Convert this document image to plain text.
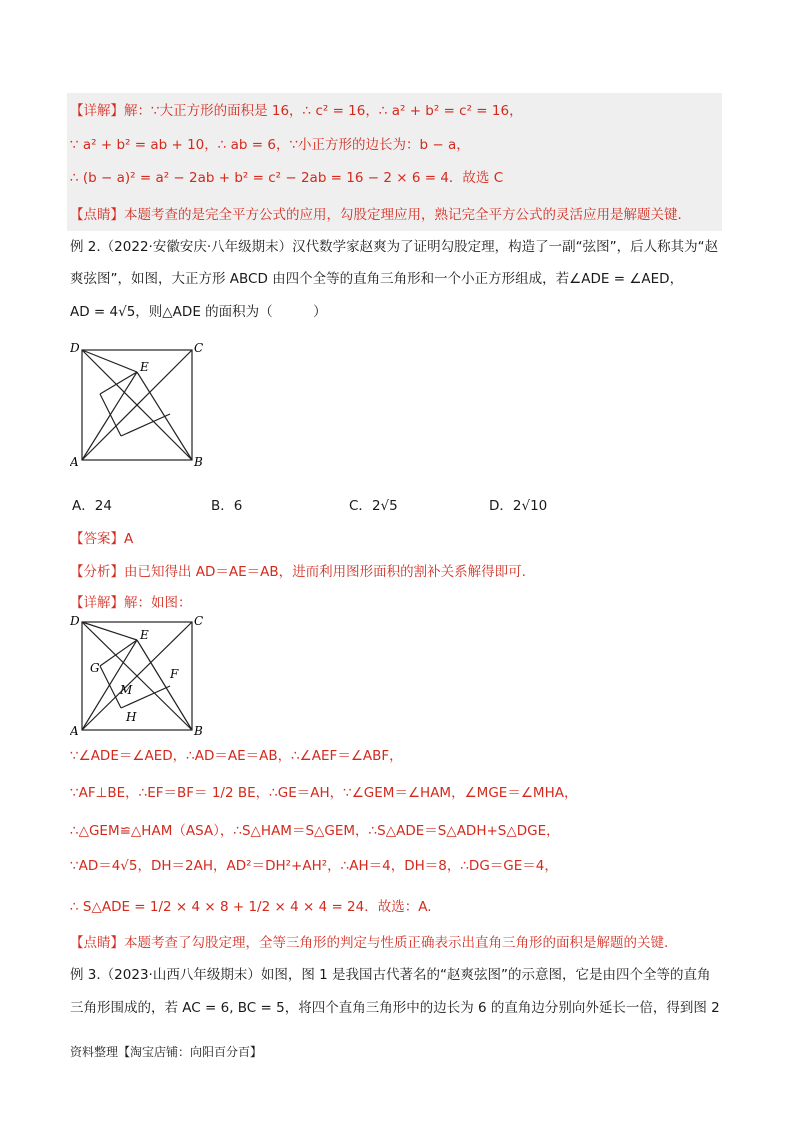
【详解】解：∵大正方形的面积是 16，∴ c² = 16，∴ a² + b² = c² = 16，
∵ a² + b² = ab + 10，∴ ab = 6，∵小正方形的边长为：b − a，
∴ (b − a)² = a² − 2ab + b² = c² − 2ab = 16 − 2 × 6 = 4．故选 C
【点睛】本题考查的是完全平方公式的应用，勾股定理应用，熟记完全平方公式的灵活应用是解题关键．
例 2.（2022·安徽安庆·八年级期末）汉代数学家赵爽为了证明勾股定理，构造了一副“弦图”，后人称其为“赵
爽弦图”，如图，大正方形 ABCD 由四个全等的直角三角形和一个小正方形组成，若∠ADE = ∠AED，
AD = 4√5，则△ADE 的面积为（　　　）
D	C
E
A	B
A．24	B．6	C．2√5	D．2√10
【答案】A
【分析】由已知得出 AD＝AE＝AB，进而利用图形面积的割补关系解得即可.
【详解】解：如图：
D	C
E
G	F
M
H
A	B
∵∠ADE＝∠AED，∴AD＝AE＝AB，∴∠AEF＝∠ABF，
∵AF⊥BE，∴EF＝BF＝ 1/2 BE，∴GE＝AH，∵∠GEM＝∠HAM，∠MGE＝∠MHA，
∴△GEM≌△HAM（ASA），∴S△HAM＝S△GEM，∴S△ADE＝S△ADH+S△DGE，
∵AD＝4√5，DH＝2AH，AD²＝DH²+AH²，∴AH＝4，DH＝8，∴DG＝GE＝4，
∴ S△ADE = 1/2 × 4 × 8 + 1/2 × 4 × 4 = 24．故选：A.
【点睛】本题考查了勾股定理，全等三角形的判定与性质正确表示出直角三角形的面积是解题的关键.
例 3.（2023·山西八年级期末）如图，图 1 是我国古代著名的“赵爽弦图”的示意图，它是由四个全等的直角
三角形围成的，若 AC = 6, BC = 5，将四个直角三角形中的边长为 6 的直角边分别向外延长一倍，得到图 2
资料整理【淘宝店铺：向阳百分百】
